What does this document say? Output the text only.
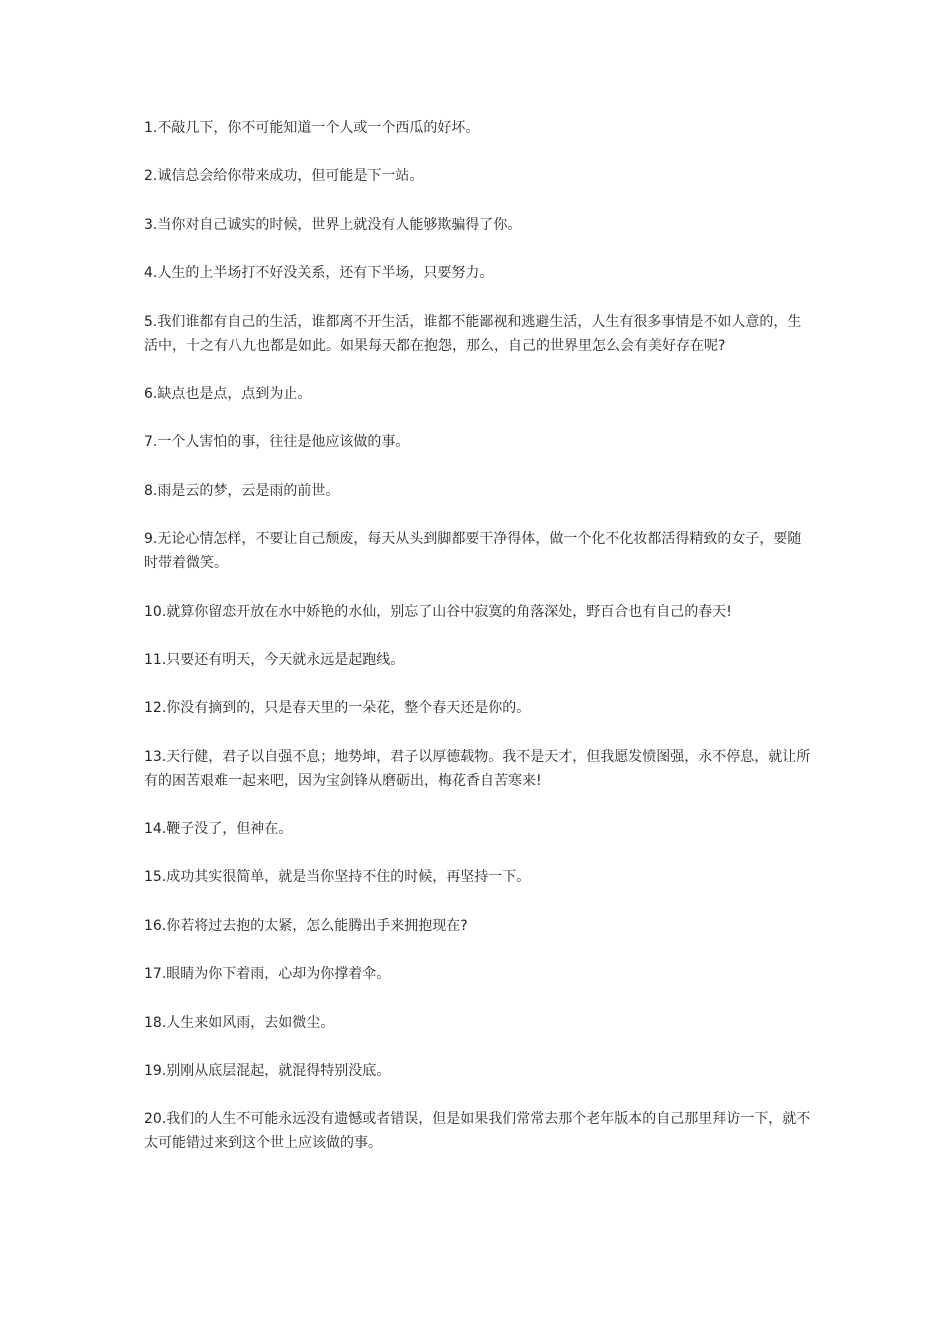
1.不敲几下，你不可能知道一个人或一个西瓜的好坏。

2.诚信总会给你带来成功，但可能是下一站。

3.当你对自己诚实的时候，世界上就没有人能够欺骗得了你。

4.人生的上半场打不好没关系，还有下半场，只要努力。

5.我们谁都有自己的生活，谁都离不开生活，谁都不能鄙视和逃避生活，人生有很多事情是不如人意的，生活中，十之有八九也都是如此。如果每天都在抱怨，那么，自己的世界里怎么会有美好存在呢?

6.缺点也是点，点到为止。

7.一个人害怕的事，往往是他应该做的事。

8.雨是云的梦，云是雨的前世。

9.无论心情怎样，不要让自己颓废，每天从头到脚都要干净得体，做一个化不化妆都活得精致的女子，要随时带着微笑。

10.就算你留恋开放在水中娇艳的水仙，别忘了山谷中寂寞的角落深处，野百合也有自己的春天!

11.只要还有明天，今天就永远是起跑线。

12.你没有摘到的，只是春天里的一朵花，整个春天还是你的。

13.天行健，君子以自强不息；地势坤，君子以厚德载物。我不是天才，但我愿发愤图强，永不停息，就让所有的困苦艰难一起来吧，因为宝剑锋从磨砺出，梅花香自苦寒来!

14.鞭子没了，但神在。

15.成功其实很简单，就是当你坚持不住的时候，再坚持一下。

16.你若将过去抱的太紧，怎么能腾出手来拥抱现在?

17.眼睛为你下着雨，心却为你撑着伞。

18.人生来如风雨，去如微尘。

19.别刚从底层混起，就混得特别没底。

20.我们的人生不可能永远没有遗憾或者错误，但是如果我们常常去那个老年版本的自己那里拜访一下，就不太可能错过来到这个世上应该做的事。
